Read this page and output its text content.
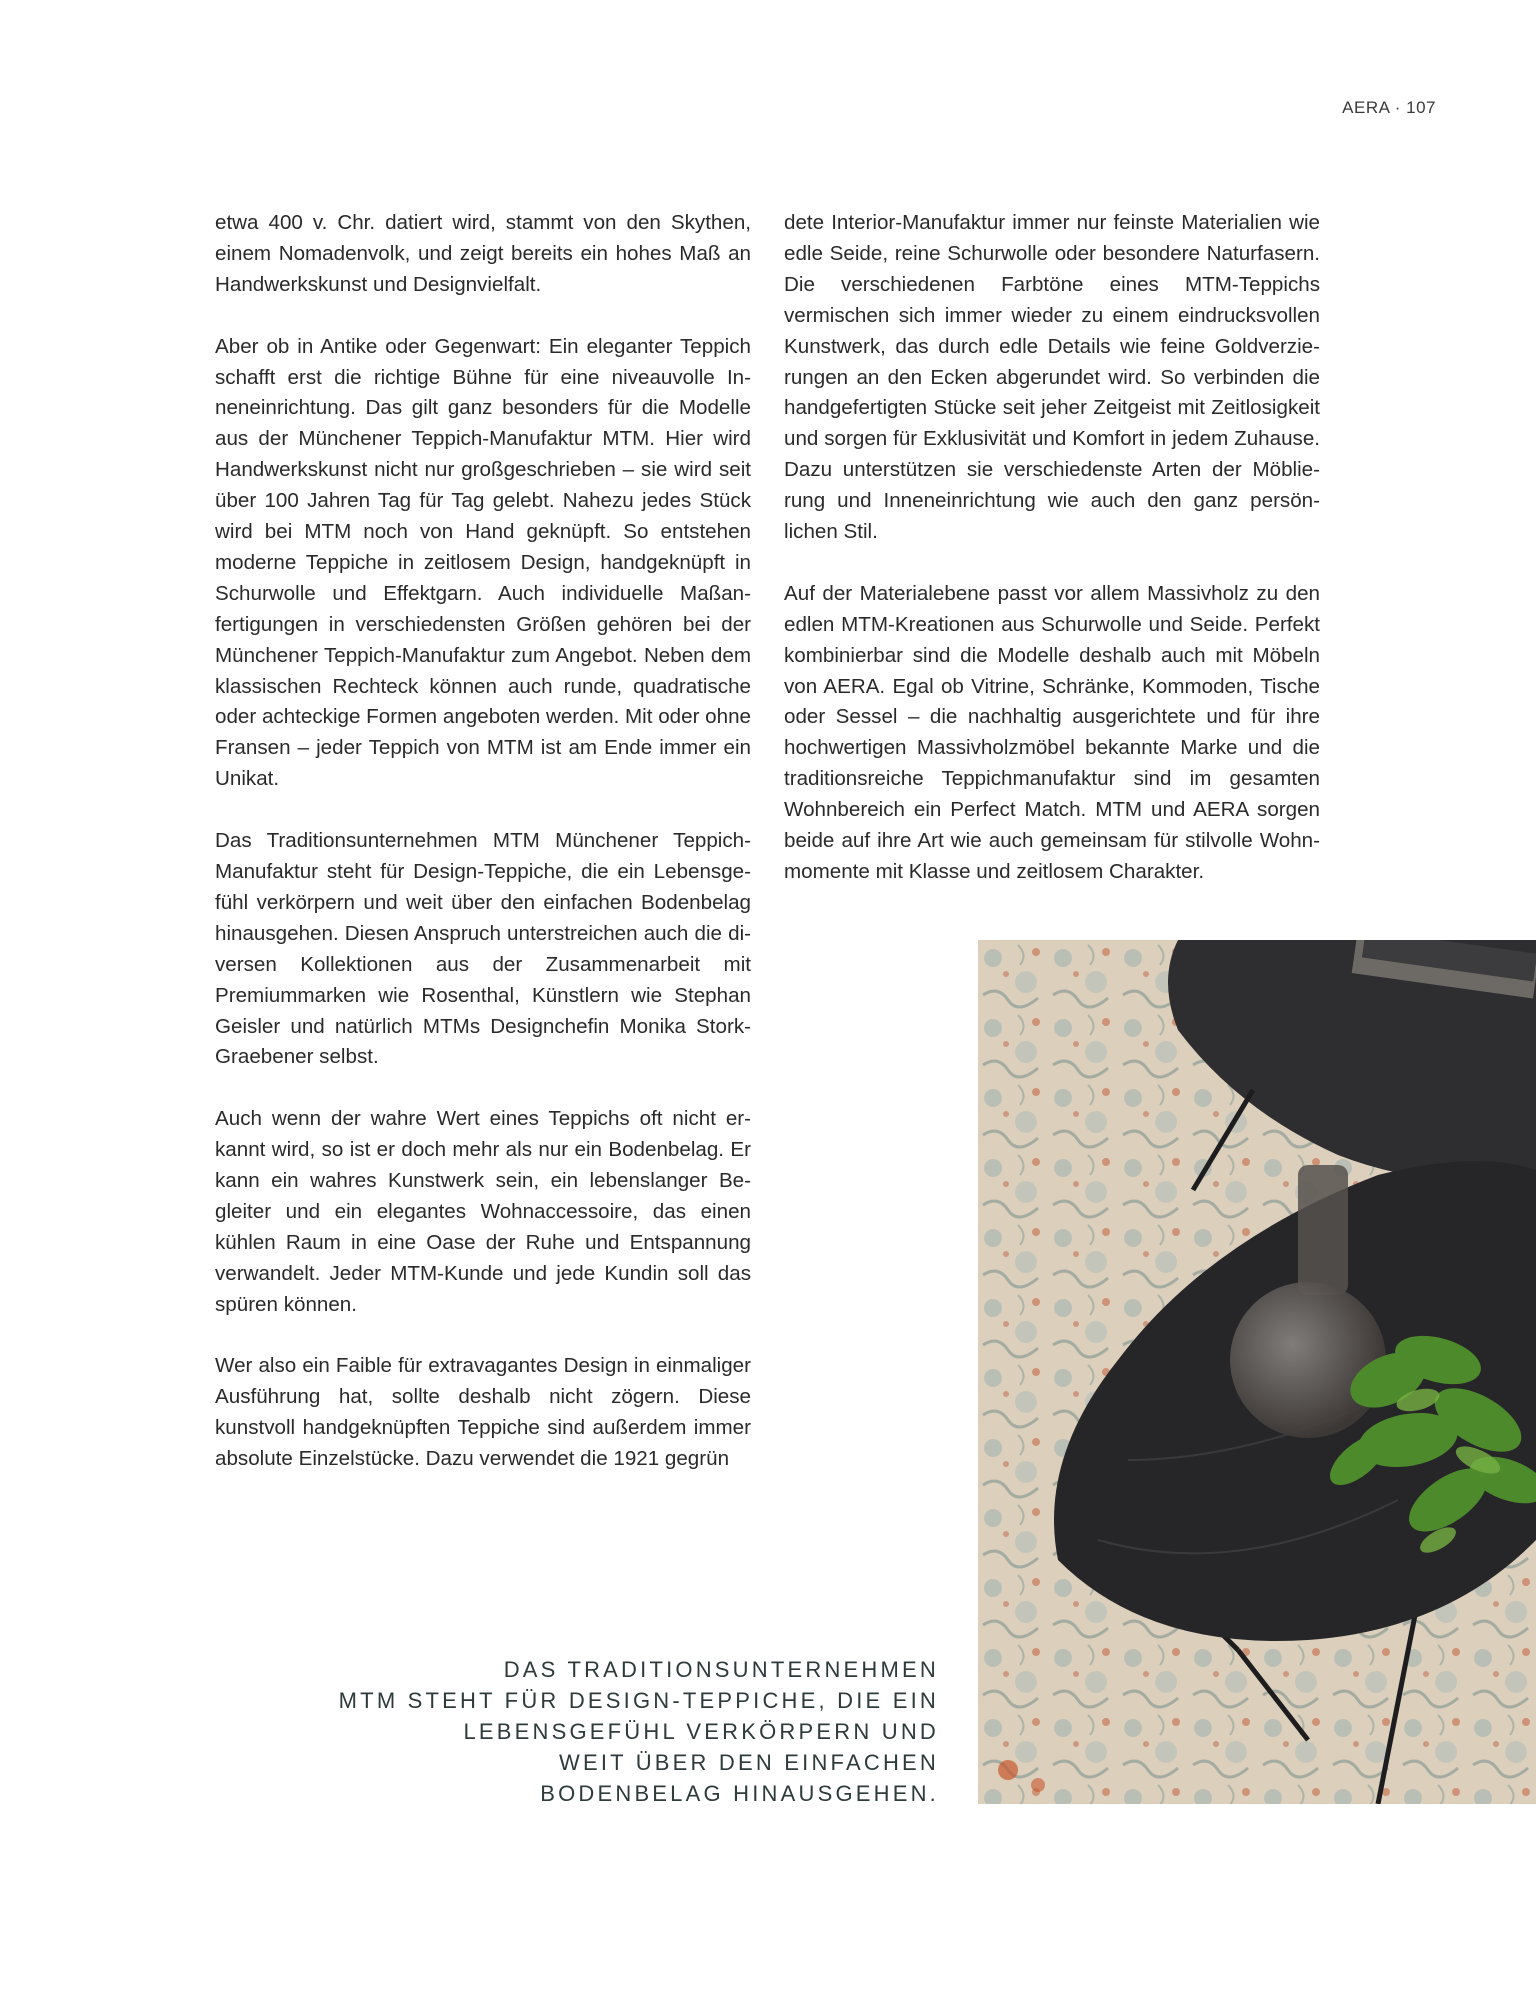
AERA · 107

etwa 400 v. Chr. datiert wird, stammt von den Skythen, einem Nomadenvolk, und zeigt bereits ein hohes Maß an Handwerkskunst und Designvielfalt.

Aber ob in Antike oder Gegenwart: Ein eleganter Teppich schafft erst die richtige Bühne für eine niveauvolle Inneneinrichtung. Das gilt ganz besonders für die Modelle aus der Münchener Teppich-Manufaktur MTM. Hier wird Handwerkskunst nicht nur großgeschrieben – sie wird seit über 100 Jahren Tag für Tag gelebt. Nahezu jedes Stück wird bei MTM noch von Hand geknüpft. So entstehen moderne Teppiche in zeitlosem Design, handgeknüpft in Schurwolle und Effektgarn. Auch individuelle Maßanfertigungen in verschiedensten Größen gehören bei der Münchener Teppich-Manufaktur zum Angebot. Neben dem klassischen Rechteck können auch runde, quadratische oder achteckige Formen angeboten werden. Mit oder ohne Fransen – jeder Teppich von MTM ist am Ende immer ein Unikat.

Das Traditionsunternehmen MTM Münchener Teppich-Manufaktur steht für Design-Teppiche, die ein Lebensgefühl verkörpern und weit über den einfachen Bodenbelag hinausgehen. Diesen Anspruch unterstreichen auch die diversen Kollektionen aus der Zusammenarbeit mit Premiummarken wie Rosenthal, Künstlern wie Stephan Geisler und natürlich MTMs Designchefin Monika Stork-Graebener selbst.

Auch wenn der wahre Wert eines Teppichs oft nicht erkannt wird, so ist er doch mehr als nur ein Bodenbelag. Er kann ein wahres Kunstwerk sein, ein lebenslanger Begleiter und ein elegantes Wohnaccessoire, das einen kühlen Raum in eine Oase der Ruhe und Entspannung verwandelt. Jeder MTM-Kunde und jede Kundin soll das spüren können.

Wer also ein Faible für extravagantes Design in einmaliger Ausführung hat, sollte deshalb nicht zögern. Diese kunstvoll handgeknüpften Teppiche sind außerdem immer absolute Einzelstücke. Dazu verwendet die 1921 gegrün

dete Interior-Manufaktur immer nur feinste Materialien wie edle Seide, reine Schurwolle oder besondere Naturfasern. Die verschiedenen Farbtöne eines MTM-Teppichs vermischen sich immer wieder zu einem eindrucksvollen Kunstwerk, das durch edle Details wie feine Goldverzierungen an den Ecken abgerundet wird. So verbinden die handgefertigten Stücke seit jeher Zeitgeist mit Zeitlosigkeit und sorgen für Exklusivität und Komfort in jedem Zuhause. Dazu unterstützen sie verschiedenste Arten der Möblierung und Inneneinrichtung wie auch den ganz persönlichen Stil.

Auf der Materialebene passt vor allem Massivholz zu den edlen MTM-Kreationen aus Schurwolle und Seide. Perfekt kombinierbar sind die Modelle deshalb auch mit Möbeln von AERA. Egal ob Vitrine, Schränke, Kommoden, Tische oder Sessel – die nachhaltig ausgerichtete und für ihre hochwertigen Massivholzmöbel bekannte Marke und die traditionsreiche Teppichmanufaktur sind im gesamten Wohnbereich ein Perfect Match. MTM und AERA sorgen beide auf ihre Art wie auch gemeinsam für stilvolle Wohnmomente mit Klasse und zeitlosem Charakter.

DAS TRADITIONSUNTERNEHMEN
MTM STEHT FÜR DESIGN-TEPPICHE, DIE EIN
LEBENSGEFÜHL VERKÖRPERN UND
WEIT ÜBER DEN EINFACHEN
BODENBELAG HINAUSGEHEN.
